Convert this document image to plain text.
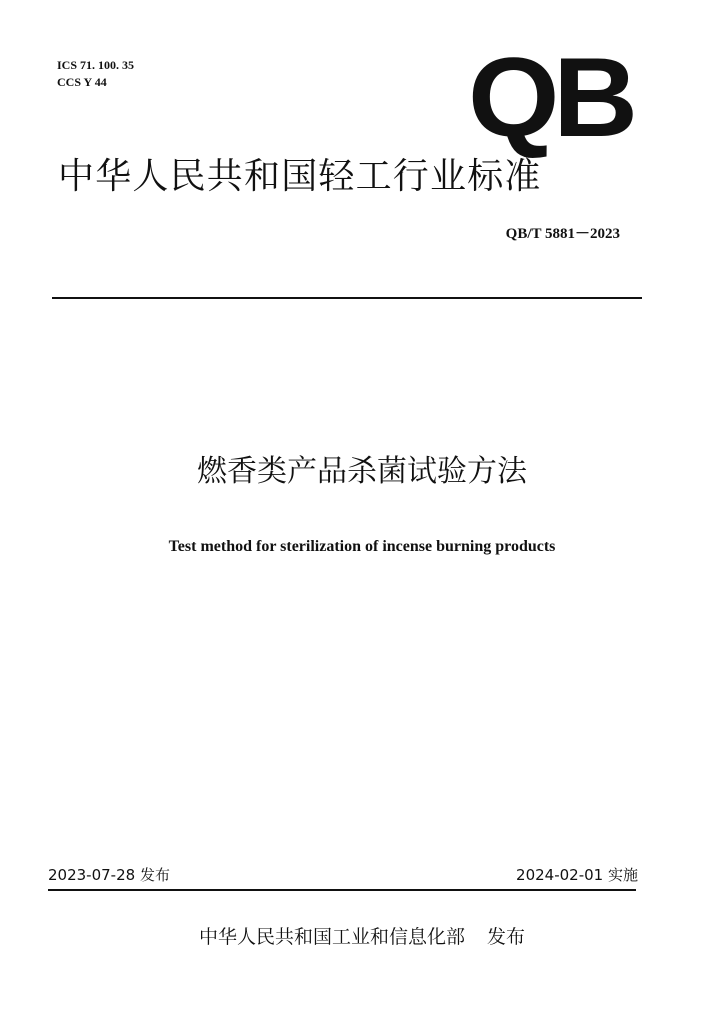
ICS 71. 100. 35
CCS Y 44	QB
中华人民共和国轻工行业标准
QB/T 5881－2023
燃香类产品杀菌试验方法
Test method for sterilization of incense burning products
2023-07-28 发布	2024-02-01 实施
中华人民共和国工业和信息化部 发布
